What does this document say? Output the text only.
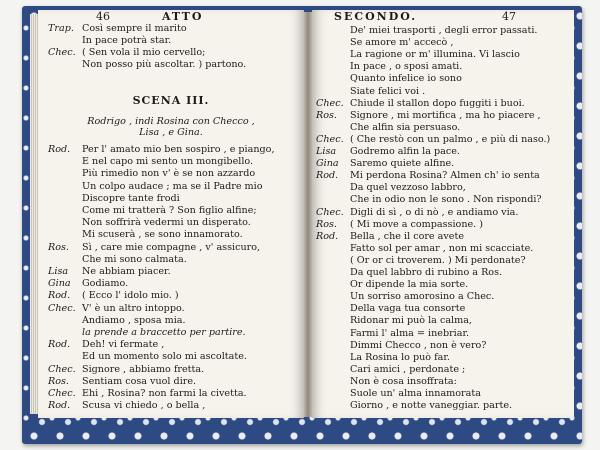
46	ATTO
Trap. Così sempre il marito
In pace potrà star.
Chec. ( Sen vola il mio cervello;
Non posso più ascoltar. ) partono.
SCENA III.
Rodrigo , indi Rosina con Checco ,
Lisa , e Gina.
Rod. Per l' amato mio ben sospiro , e piango,
E nel capo mi sento un mongibello.
Più rimedio non v' è se non azzardo
Un colpo audace ; ma se il Padre mio
Discopre tante frodi
Come mi tratterà ? Son figlio alfine;
Non soffrirà vedermi un disperato.
Mi scuserà , se sono innamorato.
Ros. Sì , care mie compagne , v' assicuro,
Che mi sono calmata.
Lisa Ne abbiam piacer.
Gina Godiamo.
Rod. ( Ecco l' idolo mio. )
Chec. V' è un altro intoppo.
Andiamo , sposa mia.
la prende a braccetto per partire.
Rod. Deh! vi fermate ,
Ed un momento solo mi ascoltate.
Chec. Signore , abbiamo fretta.
Ros. Sentiam cosa vuol dire.
Chec. Ehi , Rosina? non farmi la civetta.
Rod. Scusa vi chiedo , o bella ,
SECONDO.	47
De' miei trasporti , degli error passati.
Se amore m' accecò ,
La ragione or m' illumina. Vi lascio
In pace , o sposi amati.
Quanto infelice io sono
Siate felici voi .
Chec. Chiude il stallon dopo fuggiti i buoi.
Ros. Signore , mi mortifica , ma ho piacere ,
Che alfin sia persuaso.
Chec. ( Che restò con un palmo , e più di naso.)
Lisa Godremo alfin la pace.
Gina Saremo quiete alfine.
Rod. Mi perdona Rosina? Almen ch' io senta
Da quel vezzoso labbro,
Che in odio non le sono . Non rispondi?
Chec. Digli di sì , o di nò , e andiamo via.
Ros. ( Mi move a compassione. )
Rod. Bella , che il core avete
Fatto sol per amar , non mi scacciate.
( Or or ci troverem. ) Mi perdonate?
Da quel labbro di rubino a Ros.
Or dipende la mia sorte.
Un sorriso amorosino a Chec.
Della vaga tua consorte
Ridonar mi può la calma,
Farmi l' alma = inebriar.
Dimmi Checco , non è vero?
La Rosina lo può far.
Cari amici , perdonate ;
Non è cosa insoffrata:
Suole un' alma innamorata
Giorno , e notte vaneggiar. parte.
